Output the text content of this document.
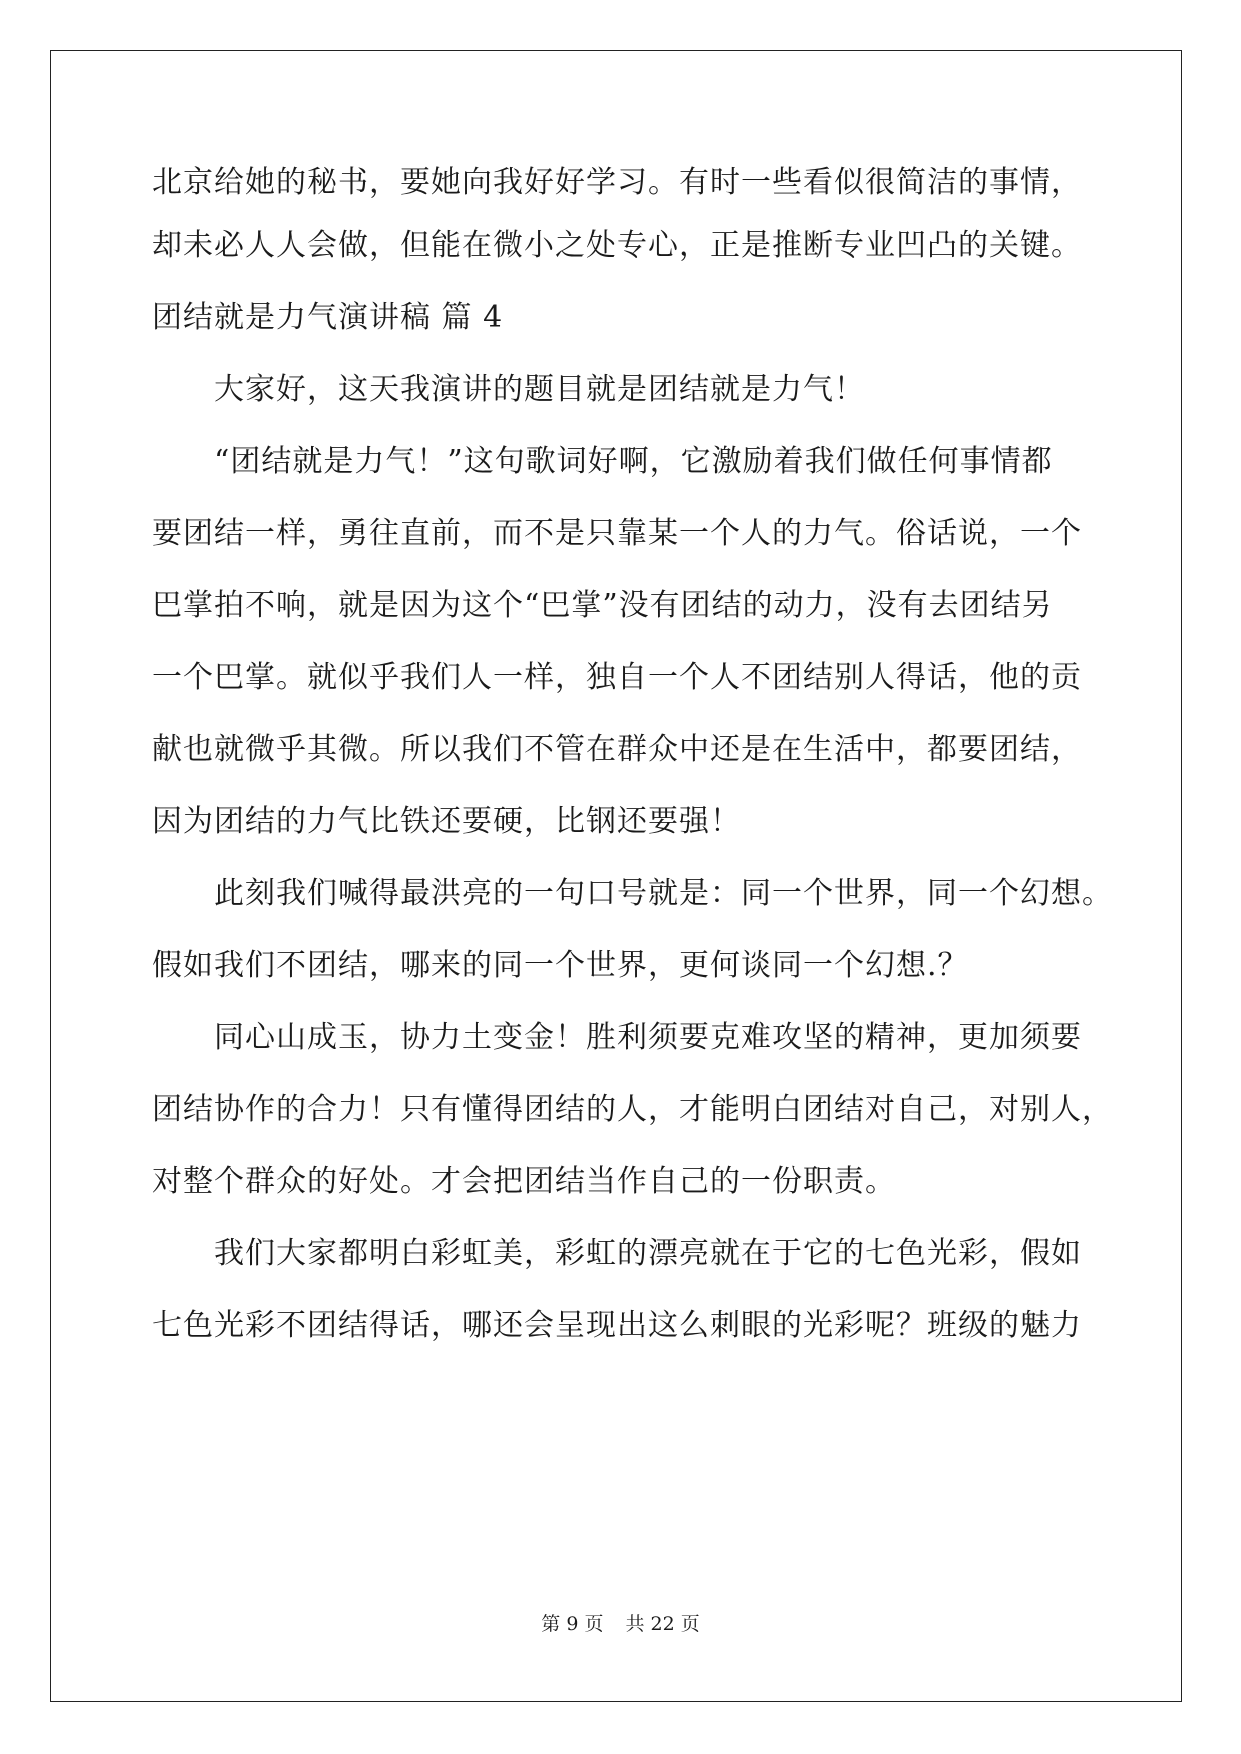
北京给她的秘书，要她向我好好学习。有时一些看似很简洁的事情，
却未必人人会做，但能在微小之处专心，正是推断专业凹凸的关键。
团结就是力气演讲稿 篇 4
大家好，这天我演讲的题目就是团结就是力气！
“团结就是力气！”这句歌词好啊，它激励着我们做任何事情都
要团结一样，勇往直前，而不是只靠某一个人的力气。俗话说，一个
巴掌拍不响，就是因为这个“巴掌”没有团结的动力，没有去团结另
一个巴掌。就似乎我们人一样，独自一个人不团结别人得话，他的贡
献也就微乎其微。所以我们不管在群众中还是在生活中，都要团结，
因为团结的力气比铁还要硬，比钢还要强！
此刻我们喊得最洪亮的一句口号就是：同一个世界，同一个幻想。
假如我们不团结，哪来的同一个世界，更何谈同一个幻想.？
同心山成玉，协力土变金！胜利须要克难攻坚的精神，更加须要
团结协作的合力！只有懂得团结的人，才能明白团结对自己，对别人，
对整个群众的好处。才会把团结当作自己的一份职责。
我们大家都明白彩虹美，彩虹的漂亮就在于它的七色光彩，假如
七色光彩不团结得话，哪还会呈现出这么刺眼的光彩呢？班级的魅力
第 9 页 共 22 页
